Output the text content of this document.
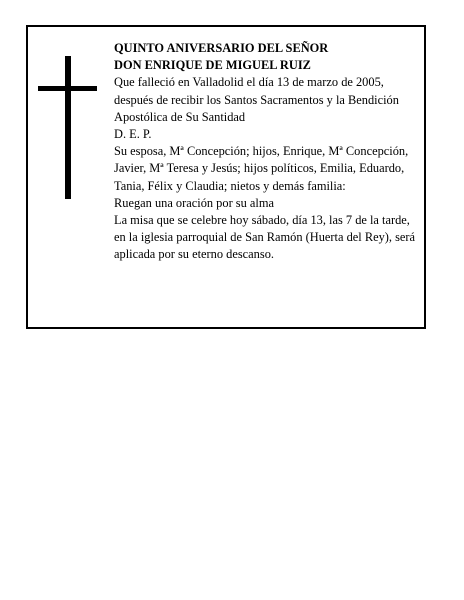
QUINTO ANIVERSARIO DEL SEÑOR

DON ENRIQUE DE MIGUEL RUIZ

Que falleció en Valladolid el día 13 de marzo de 2005, después de recibir los Santos Sacramentos y la Bendición Apostólica de Su Santidad

D. E. P.

Su esposa, Mª Concepción; hijos, Enrique, Mª Concepción, Javier, Mª Teresa y Jesús; hijos políticos, Emilia, Eduardo, Tania, Félix y Claudia; nietos y demás familia:

Ruegan una oración por su alma

La misa que se celebre hoy sábado, día 13, las 7 de la tarde, en la iglesia parroquial de San Ramón (Huerta del Rey), será aplicada por su eterno descanso.
